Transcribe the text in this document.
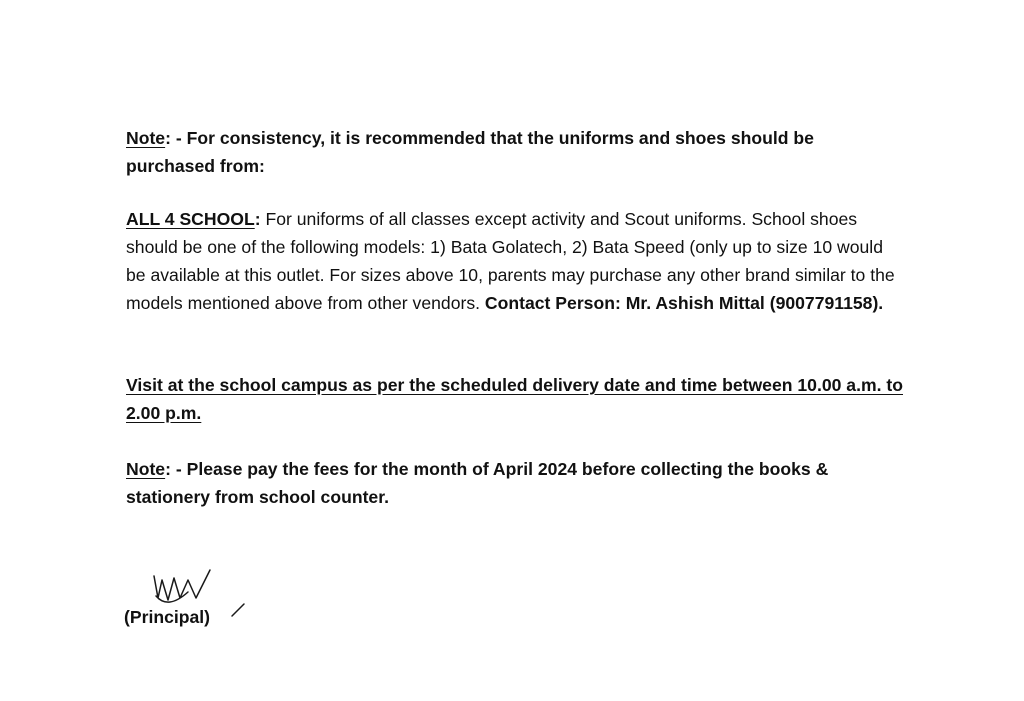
Note: - For consistency, it is recommended that the uniforms and shoes should be purchased from:

ALL 4 SCHOOL: For uniforms of all classes except activity and Scout uniforms. School shoes should be one of the following models: 1) Bata Golatech, 2) Bata Speed (only up to size 10 would be available at this outlet. For sizes above 10, parents may purchase any other brand similar to the models mentioned above from other vendors. Contact Person: Mr. Ashish Mittal (9007791158).

Visit at the school campus as per the scheduled delivery date and time between 10.00 a.m. to 2.00 p.m.

Note: - Please pay the fees for the month of April 2024 before collecting the books & stationery from school counter.

(Principal)
